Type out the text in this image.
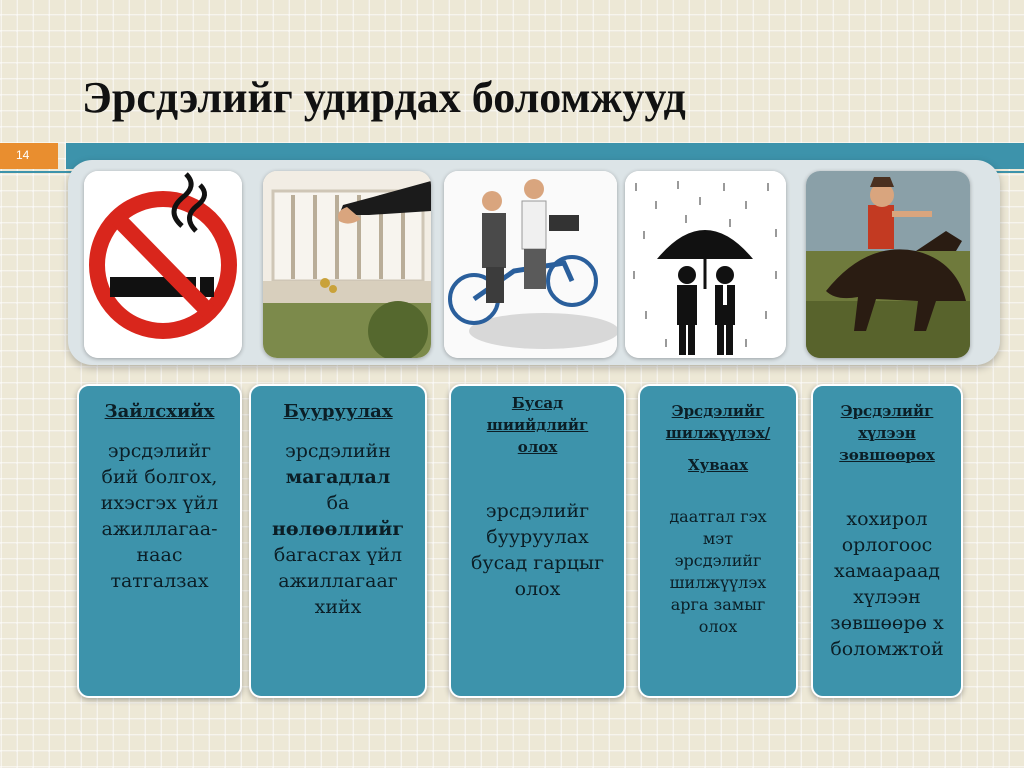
Эрсдэлийг удирдах боломжууд
14
Зайлсхийх
эрсдэлийг бий болгох, ихэсгэх үйл ажиллагаа-наас татгалзах
Бууруулах
эрсдэлийн
магадлал
ба
нөлөөллийг
багасгах үйл ажиллагааг хийх
Бусад шиийдлийг олох
эрсдэлийг бууруулах бусад гарцыг олох
Эрсдэлийг шилжүүлэх/
Хуваах
даатгал гэх мэт эрсдэлийг шилжүүлэх арга замыг олох
Эрсдэлийг хүлээн зөвшөөрөх
хохирол орлогоос хамаараад хүлээн зөвшөөрө х боломжтой
